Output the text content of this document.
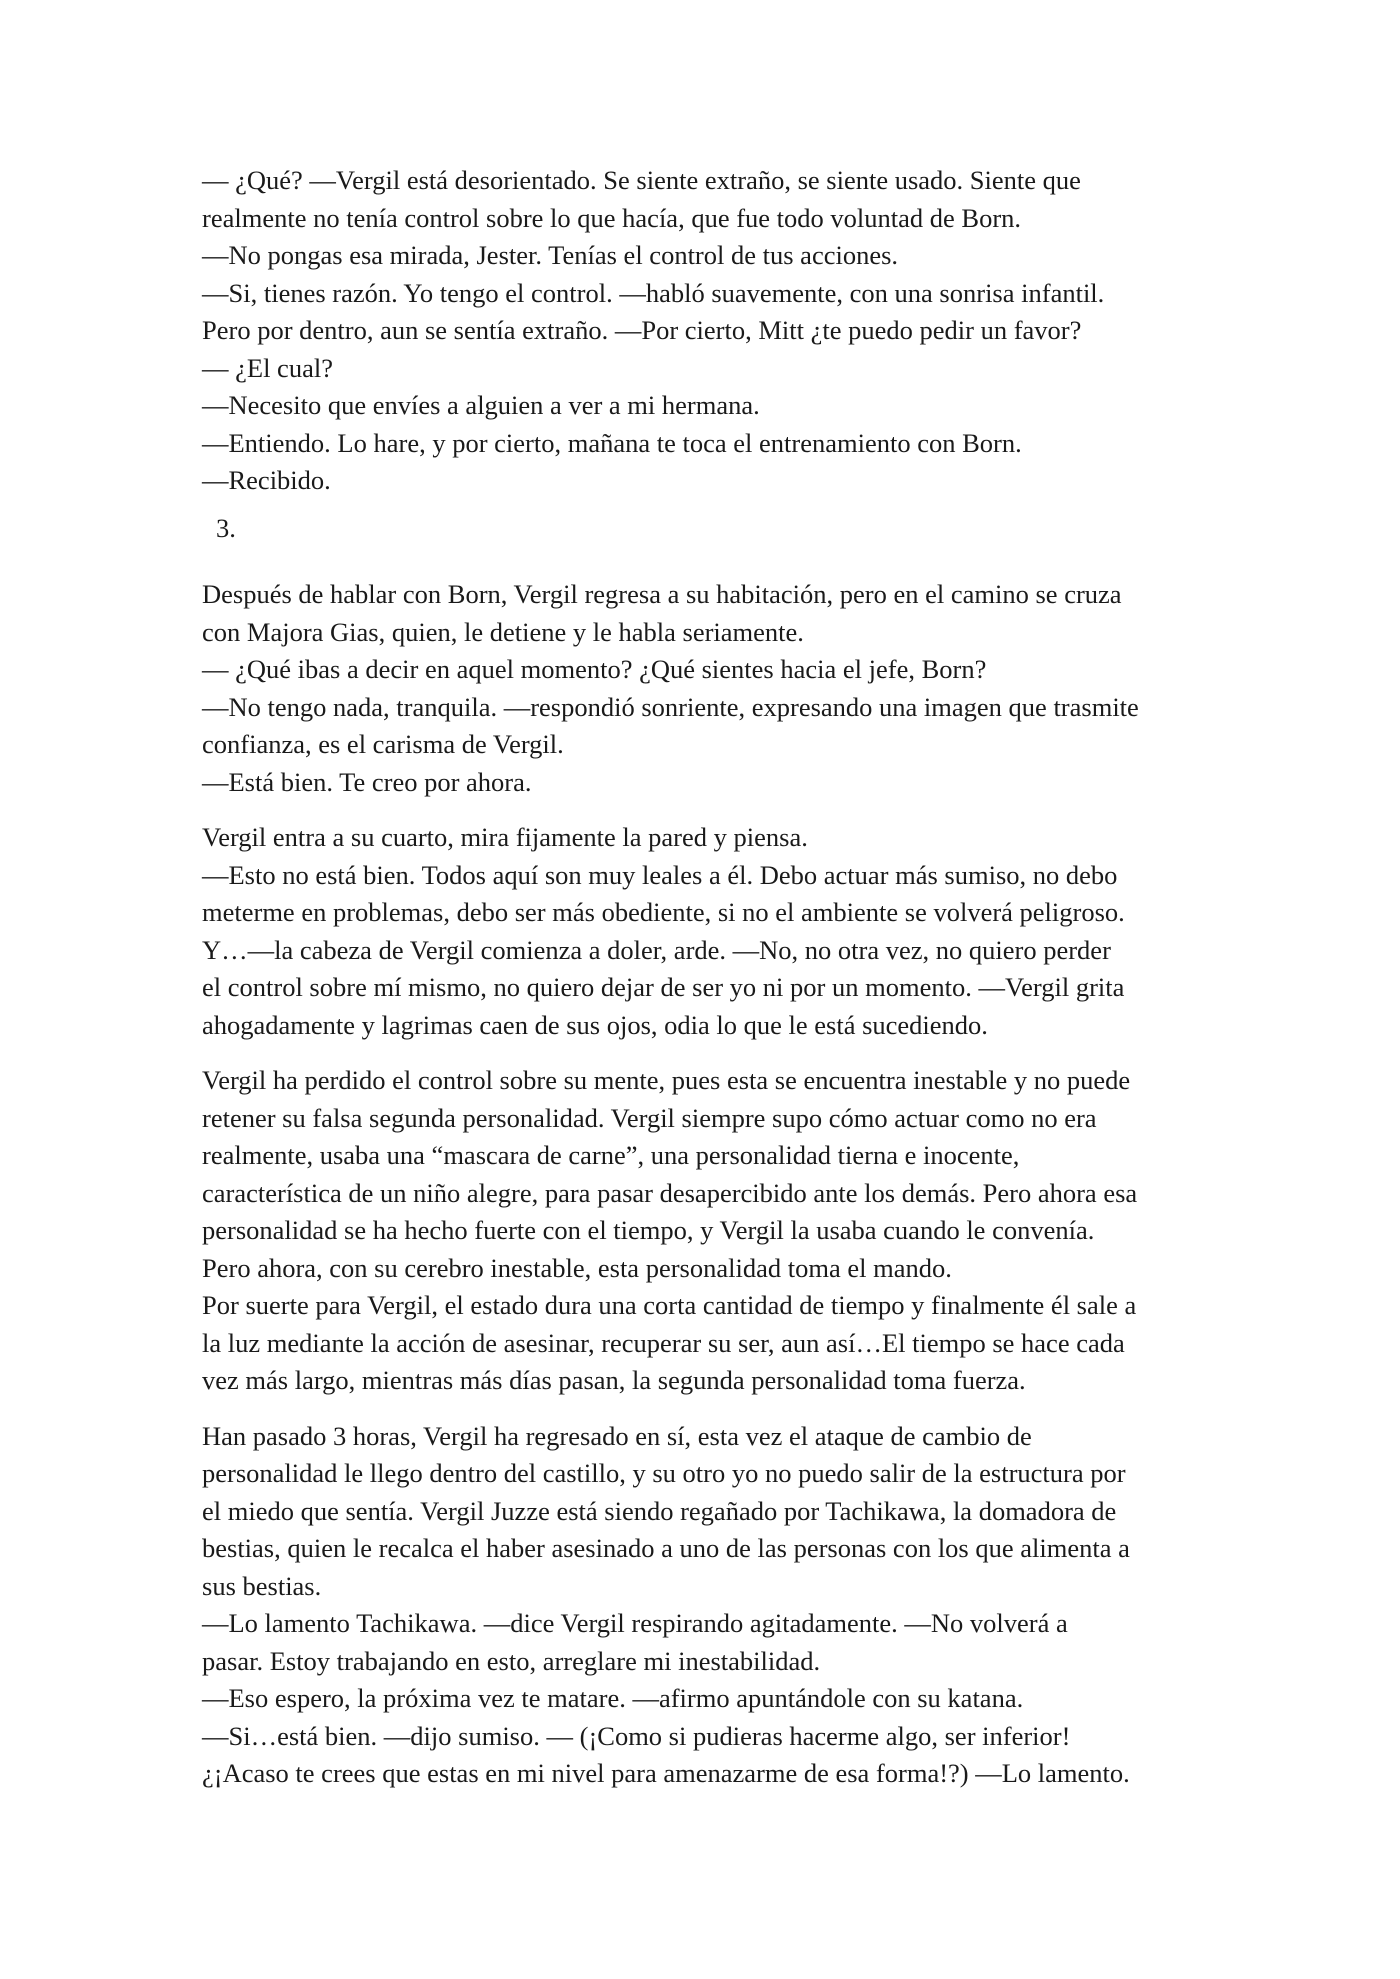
— ¿Qué? —Vergil está desorientado. Se siente extraño, se siente usado. Siente que
realmente no tenía control sobre lo que hacía, que fue todo voluntad de Born.
—No pongas esa mirada, Jester. Tenías el control de tus acciones.
—Si, tienes razón. Yo tengo el control. —habló suavemente, con una sonrisa infantil.
Pero por dentro, aun se sentía extraño. —Por cierto, Mitt ¿te puedo pedir un favor?
— ¿El cual?
—Necesito que envíes a alguien a ver a mi hermana.
—Entiendo. Lo hare, y por cierto, mañana te toca el entrenamiento con Born.
—Recibido.
3.
Después de hablar con Born, Vergil regresa a su habitación, pero en el camino se cruza
con Majora Gias, quien, le detiene y le habla seriamente.
— ¿Qué ibas a decir en aquel momento? ¿Qué sientes hacia el jefe, Born?
—No tengo nada, tranquila. —respondió sonriente, expresando una imagen que trasmite
confianza, es el carisma de Vergil.
—Está bien. Te creo por ahora.
Vergil entra a su cuarto, mira fijamente la pared y piensa.
—Esto no está bien. Todos aquí son muy leales a él. Debo actuar más sumiso, no debo
meterme en problemas, debo ser más obediente, si no el ambiente se volverá peligroso.
Y…—la cabeza de Vergil comienza a doler, arde. —No, no otra vez, no quiero perder
el control sobre mí mismo, no quiero dejar de ser yo ni por un momento. —Vergil grita
ahogadamente y lagrimas caen de sus ojos, odia lo que le está sucediendo.
Vergil ha perdido el control sobre su mente, pues esta se encuentra inestable y no puede
retener su falsa segunda personalidad. Vergil siempre supo cómo actuar como no era
realmente, usaba una “mascara de carne”, una personalidad tierna e inocente,
característica de un niño alegre, para pasar desapercibido ante los demás. Pero ahora esa
personalidad se ha hecho fuerte con el tiempo, y Vergil la usaba cuando le convenía.
Pero ahora, con su cerebro inestable, esta personalidad toma el mando.
Por suerte para Vergil, el estado dura una corta cantidad de tiempo y finalmente él sale a
la luz mediante la acción de asesinar, recuperar su ser, aun así…El tiempo se hace cada
vez más largo, mientras más días pasan, la segunda personalidad toma fuerza.
Han pasado 3 horas, Vergil ha regresado en sí, esta vez el ataque de cambio de
personalidad le llego dentro del castillo, y su otro yo no puedo salir de la estructura por
el miedo que sentía. Vergil Juzze está siendo regañado por Tachikawa, la domadora de
bestias, quien le recalca el haber asesinado a uno de las personas con los que alimenta a
sus bestias.
—Lo lamento Tachikawa. —dice Vergil respirando agitadamente. —No volverá a
pasar. Estoy trabajando en esto, arreglare mi inestabilidad.
—Eso espero, la próxima vez te matare. —afirmo apuntándole con su katana.
—Si…está bien. —dijo sumiso. — (¡Como si pudieras hacerme algo, ser inferior!
¿¡Acaso te crees que estas en mi nivel para amenazarme de esa forma!?) —Lo lamento.
